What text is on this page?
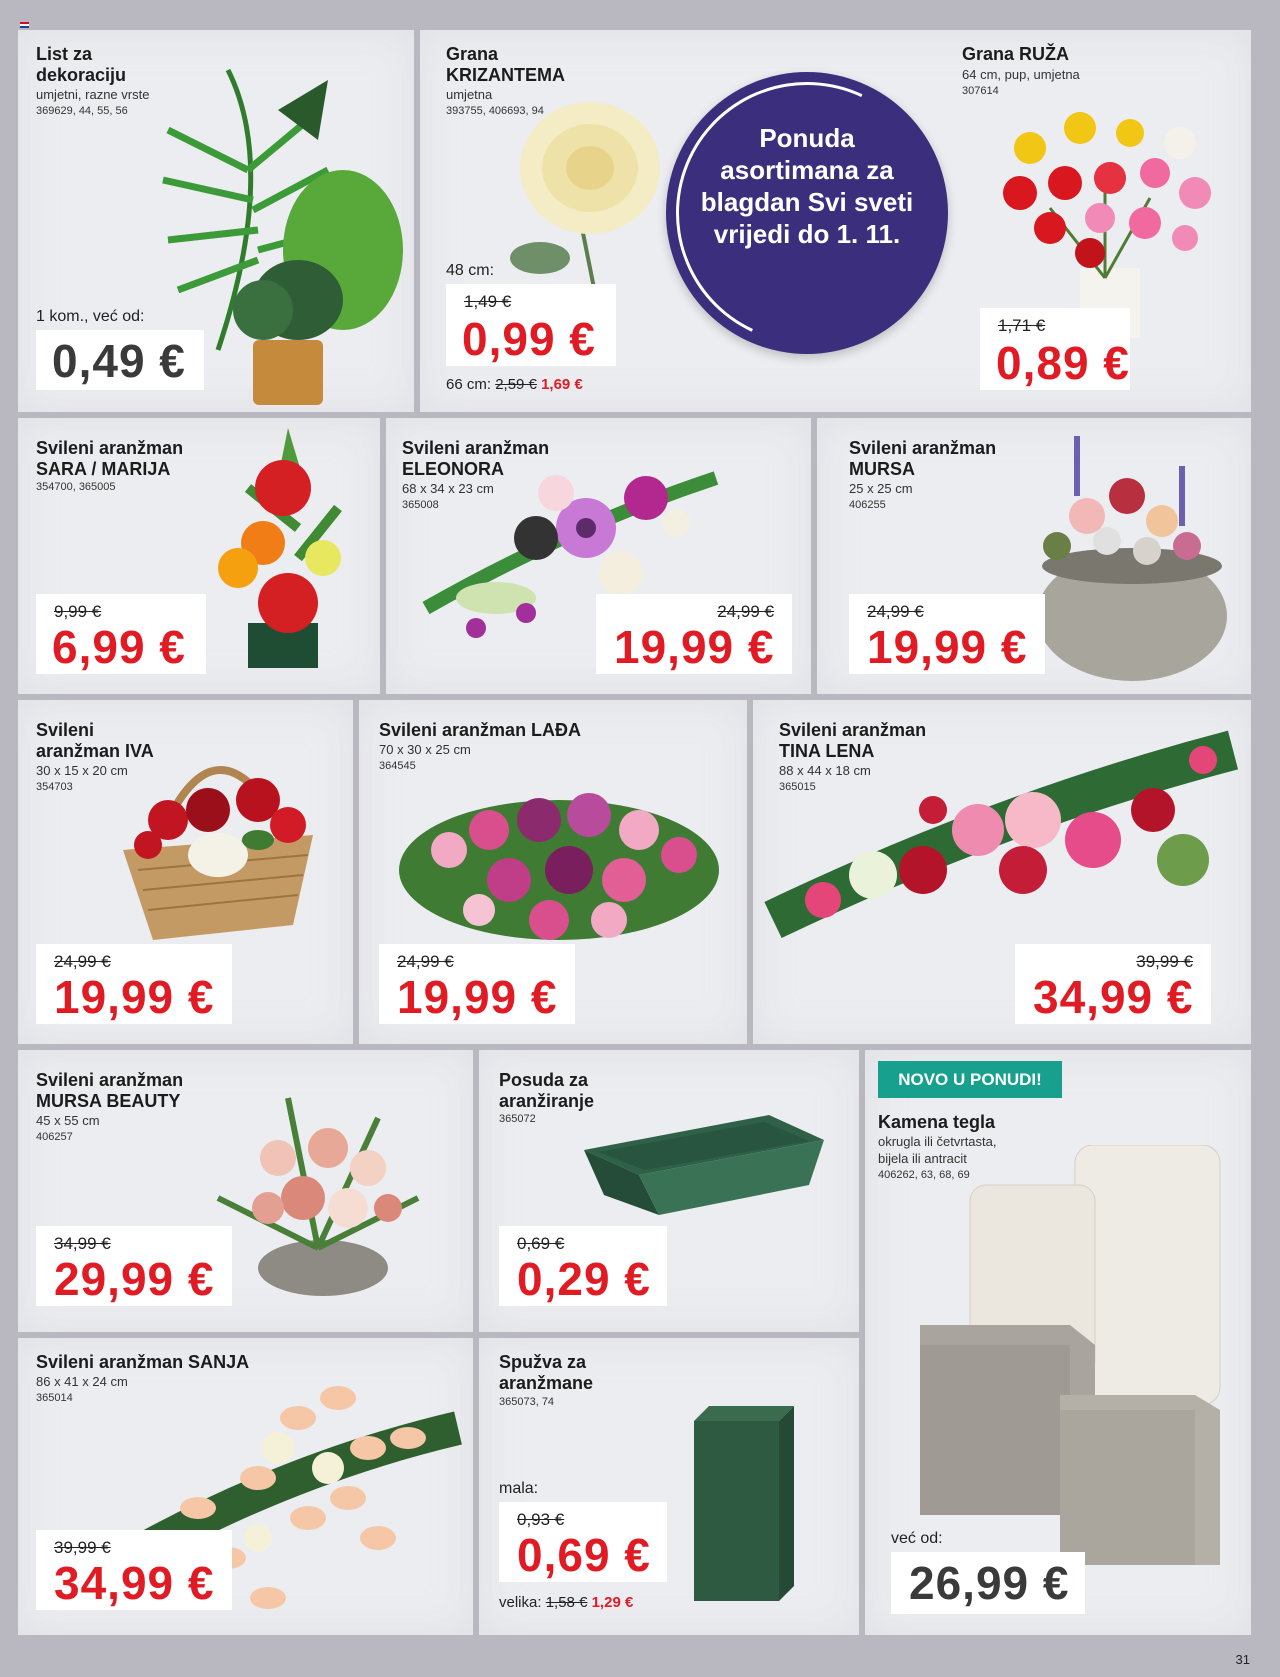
List za dekoraciju
umjetni, razne vrste
369629, 44, 55, 56
1 kom., već od:
0,49 €
Grana
KRIZANTEMA
umjetna
393755, 406693, 94
48 cm:
1,49 €
0,99 €
66 cm: 2,59 € 1,69 €
Grana RUŽA
64 cm, pup, umjetna
307614
1,71 €
0,89 €
Ponuda asortimana za blagdan Svi sveti vrijedi do 1. 11.
Svileni aranžman
SARA / MARIJA
354700, 365005
9,99 €
6,99 €
Svileni aranžman
ELEONORA
68 x 34 x 23 cm
365008
24,99 €
19,99 €
Svileni aranžman
MURSA
25 x 25 cm
406255
24,99 €
19,99 €
Svileni
aranžman IVA
30 x 15 x 20 cm
354703
24,99 €
19,99 €
Svileni aranžman LAĐA
70 x 30 x 25 cm
364545
24,99 €
19,99 €
Svileni aranžman
TINA LENA
88 x 44 x 18 cm
365015
39,99 €
34,99 €
Svileni aranžman
MURSA BEAUTY
45 x 55 cm
406257
34,99 €
29,99 €
Posuda za
aranžiranje
365072
0,69 €
0,29 €
Kamena tegla
okrugla ili četvrtasta,
bijela ili antracit
406262, 63, 68, 69
već od:
26,99 €
NOVO U PONUDI!
Svileni aranžman SANJA
86 x 41 x 24 cm
365014
39,99 €
34,99 €
Spužva za
aranžmane
365073, 74
mala:
0,93 €
0,69 €
velika: 1,58 € 1,29 €
31
